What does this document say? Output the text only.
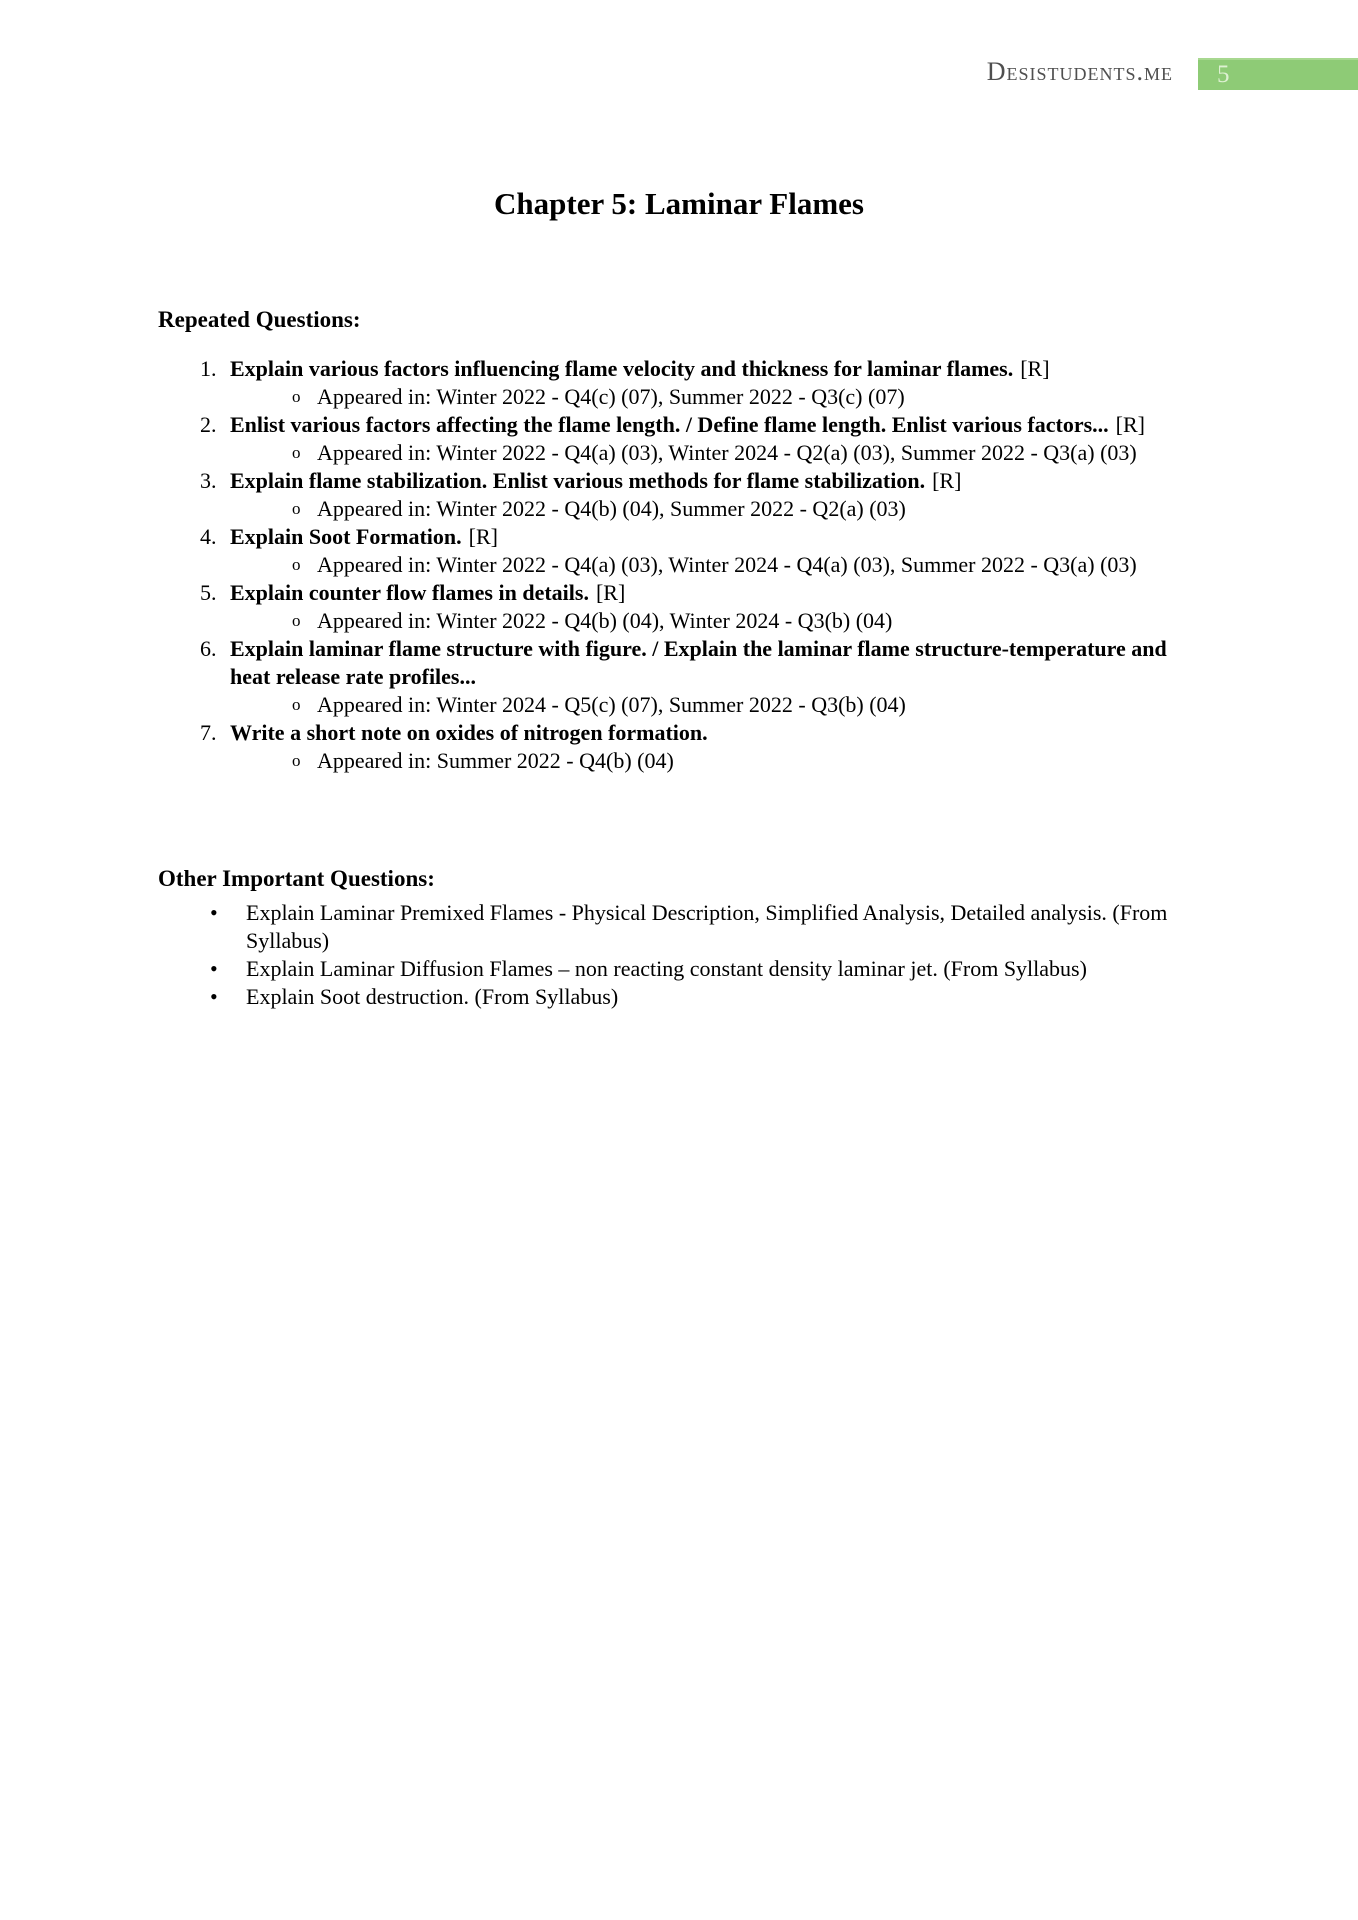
Desistudents.me	5
Chapter 5: Laminar Flames
Repeated Questions:
1. Explain various factors influencing flame velocity and thickness for laminar flames. [R]
o Appeared in: Winter 2022 - Q4(c) (07), Summer 2022 - Q3(c) (07)
2. Enlist various factors affecting the flame length. / Define flame length. Enlist various factors... [R]
o Appeared in: Winter 2022 - Q4(a) (03), Winter 2024 - Q2(a) (03), Summer 2022 - Q3(a) (03)
3. Explain flame stabilization. Enlist various methods for flame stabilization. [R]
o Appeared in: Winter 2022 - Q4(b) (04), Summer 2022 - Q2(a) (03)
4. Explain Soot Formation. [R]
o Appeared in: Winter 2022 - Q4(a) (03), Winter 2024 - Q4(a) (03), Summer 2022 - Q3(a) (03)
5. Explain counter flow flames in details. [R]
o Appeared in: Winter 2022 - Q4(b) (04), Winter 2024 - Q3(b) (04)
6. Explain laminar flame structure with figure. / Explain the laminar flame structure-temperature and heat release rate profiles...
o Appeared in: Winter 2024 - Q5(c) (07), Summer 2022 - Q3(b) (04)
7. Write a short note on oxides of nitrogen formation.
o Appeared in: Summer 2022 - Q4(b) (04)
Other Important Questions:
• Explain Laminar Premixed Flames - Physical Description, Simplified Analysis, Detailed analysis. (From Syllabus)
• Explain Laminar Diffusion Flames – non reacting constant density laminar jet. (From Syllabus)
• Explain Soot destruction. (From Syllabus)
